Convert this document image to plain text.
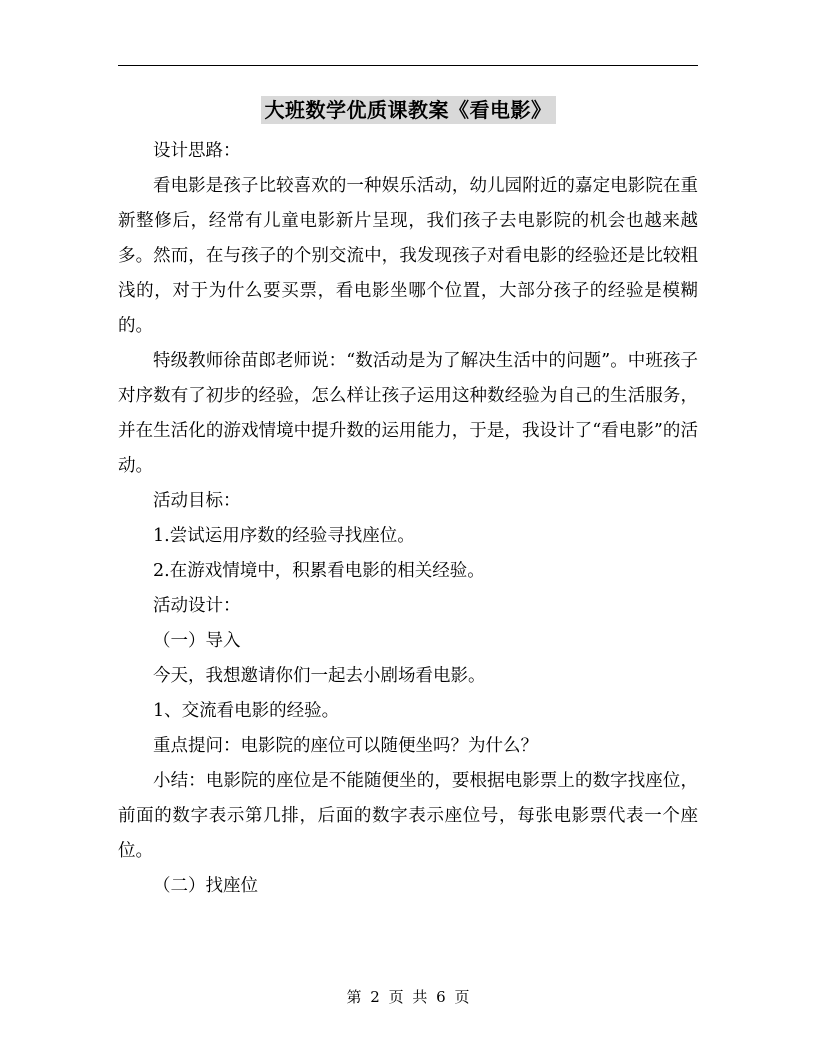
大班数学优质课教案《看电影》

设计思路：

看电影是孩子比较喜欢的一种娱乐活动，幼儿园附近的嘉定电影院在重新整修后，经常有儿童电影新片呈现，我们孩子去电影院的机会也越来越多。然而，在与孩子的个别交流中，我发现孩子对看电影的经验还是比较粗浅的，对于为什么要买票，看电影坐哪个位置，大部分孩子的经验是模糊的。

特级教师徐苗郎老师说：“数活动是为了解决生活中的问题”。中班孩子对序数有了初步的经验，怎么样让孩子运用这种数经验为自己的生活服务，并在生活化的游戏情境中提升数的运用能力，于是，我设计了“看电影”的活动。

活动目标：

1.尝试运用序数的经验寻找座位。

2.在游戏情境中，积累看电影的相关经验。

活动设计：

（一）导入

今天，我想邀请你们一起去小剧场看电影。

1、交流看电影的经验。

重点提问：电影院的座位可以随便坐吗？为什么？

小结：电影院的座位是不能随便坐的，要根据电影票上的数字找座位，前面的数字表示第几排，后面的数字表示座位号，每张电影票代表一个座位。

（二）找座位

第 2 页 共 6 页
